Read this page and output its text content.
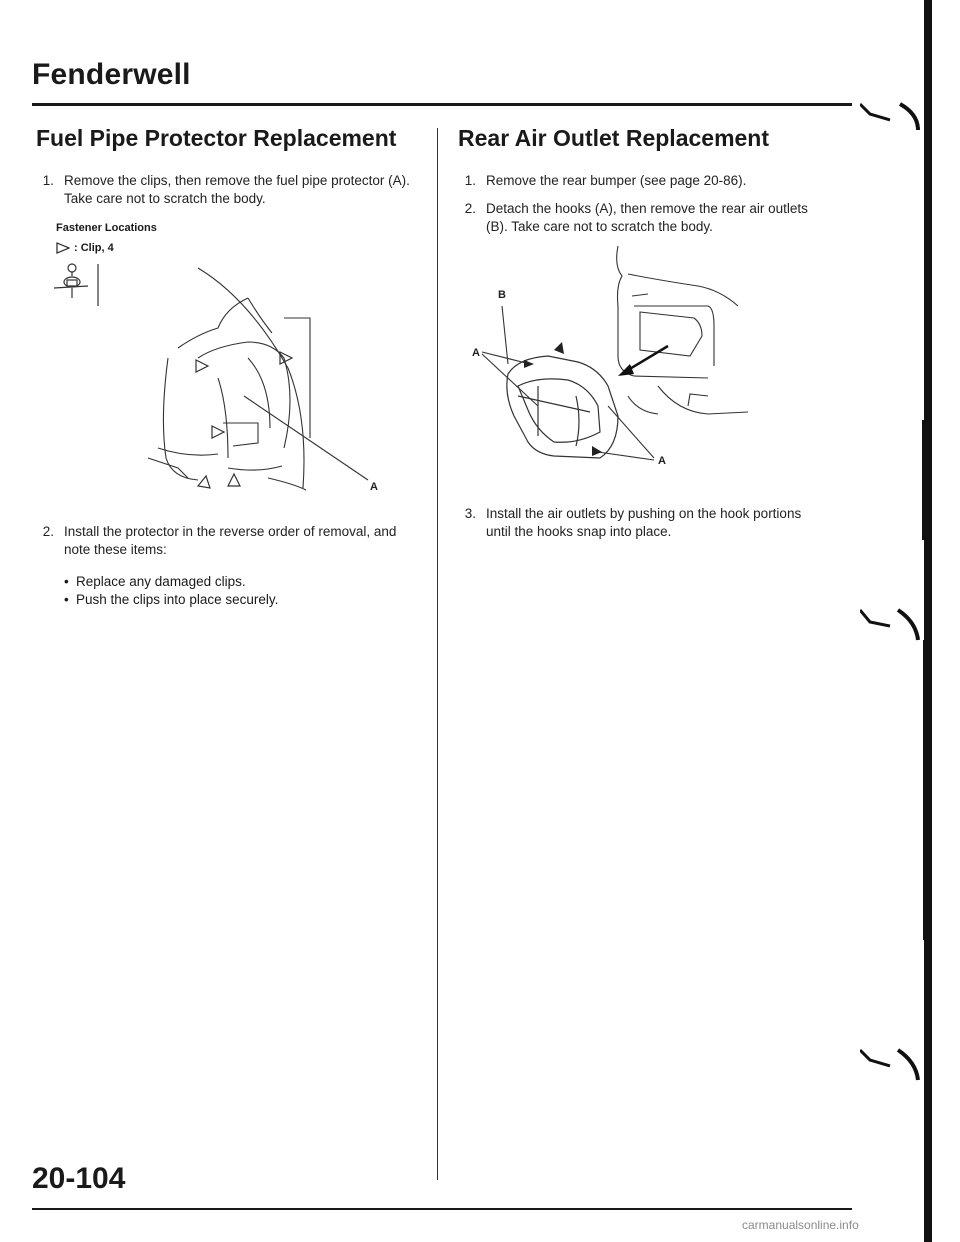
Fenderwell
Fuel Pipe Protector Replacement
1. Remove the clips, then remove the fuel pipe protector (A). Take care not to scratch the body.

Fastener Locations
: Clip, 4
A
2. Install the protector in the reverse order of removal, and note these items:

• Replace any damaged clips.
• Push the clips into place securely.
Rear Air Outlet Replacement
1. Remove the rear bumper (see page 20-86).

2. Detach the hooks (A), then remove the rear air outlets (B). Take care not to scratch the body.

B
A
A
3. Install the air outlets by pushing on the hook portions until the hooks snap into place.

20-104
carmanualsonline.info
